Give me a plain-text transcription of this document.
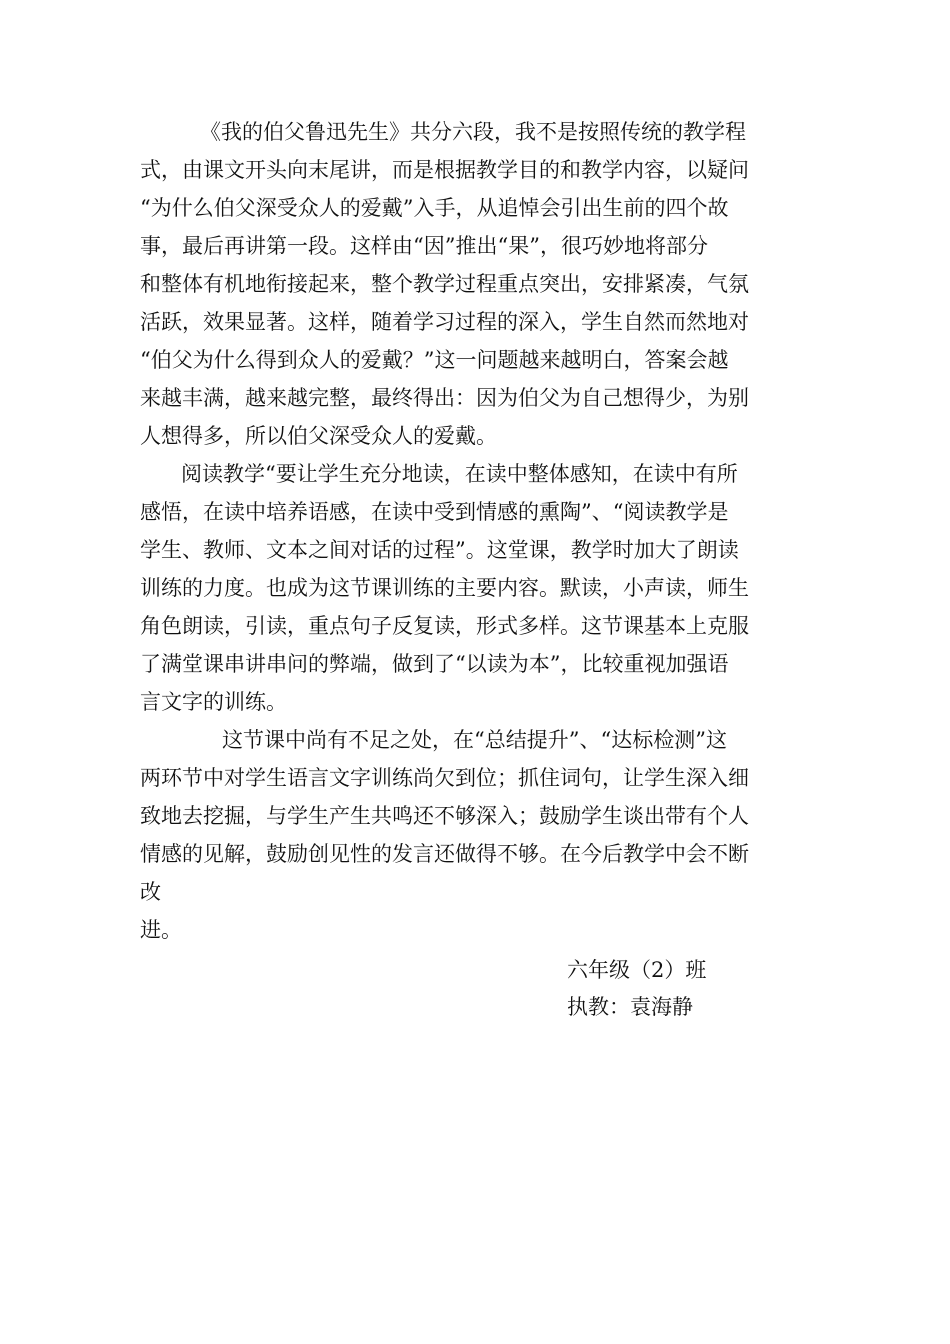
《我的伯父鲁迅先生》共分六段，我不是按照传统的教学程
式，由课文开头向末尾讲，而是根据教学目的和教学内容，以疑问
“为什么伯父深受众人的爱戴”入手，从追悼会引出生前的四个故
事，最后再讲第一段。这样由“因”推出“果”，很巧妙地将部分
和整体有机地衔接起来，整个教学过程重点突出，安排紧凑，气氛
活跃，效果显著。这样，随着学习过程的深入，学生自然而然地对
“伯父为什么得到众人的爱戴？”这一问题越来越明白，答案会越
来越丰满，越来越完整，最终得出：因为伯父为自己想得少，为别
人想得多，所以伯父深受众人的爱戴。
阅读教学“要让学生充分地读，在读中整体感知，在读中有所
感悟，在读中培养语感，在读中受到情感的熏陶”、“阅读教学是
学生、教师、文本之间对话的过程”。这堂课，教学时加大了朗读
训练的力度。也成为这节课训练的主要内容。默读，小声读，师生
角色朗读，引读，重点句子反复读，形式多样。这节课基本上克服
了满堂课串讲串问的弊端，做到了“以读为本”，比较重视加强语
言文字的训练。
这节课中尚有不足之处，在“总结提升”、“达标检测”这
两环节中对学生语言文字训练尚欠到位；抓住词句，让学生深入细
致地去挖掘，与学生产生共鸣还不够深入；鼓励学生谈出带有个人
情感的见解，鼓励创见性的发言还做得不够。在今后教学中会不断
改
进。
六年级（2）班
执教：袁海静
